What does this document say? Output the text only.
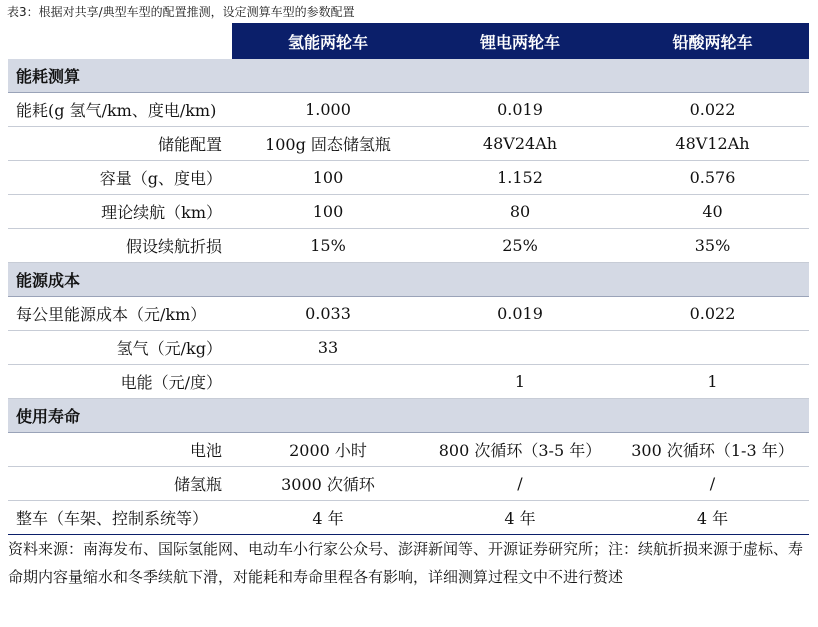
表3：根据对共享/典型车型的配置推测，设定测算车型的参数配置
	氢能两轮车	锂电两轮车	铅酸两轮车
能耗测算			
能耗(g 氢气/km、度电/km)	1.000	0.019	0.022
储能配置	100g 固态储氢瓶	48V24Ah	48V12Ah
容量（g、度电）	100	1.152	0.576
理论续航（km）	100	80	40
假设续航折损	15%	25%	35%
能源成本			
每公里能源成本（元/km）	0.033	0.019	0.022
氢气（元/kg）	33		
电能（元/度）		1	1
使用寿命			
电池	2000 小时	800 次循环（3-5 年）	300 次循环（1-3 年）
储氢瓶	3000 次循环	/	/
整车（车架、控制系统等）	4 年	4 年	4 年
资料来源：南海发布、国际氢能网、电动车小行家公众号、澎湃新闻等、开源证券研究所；注：续航折损来源于虚标、寿命期内容量缩水和冬季续航下滑，对能耗和寿命里程各有影响，详细测算过程文中不进行赘述
